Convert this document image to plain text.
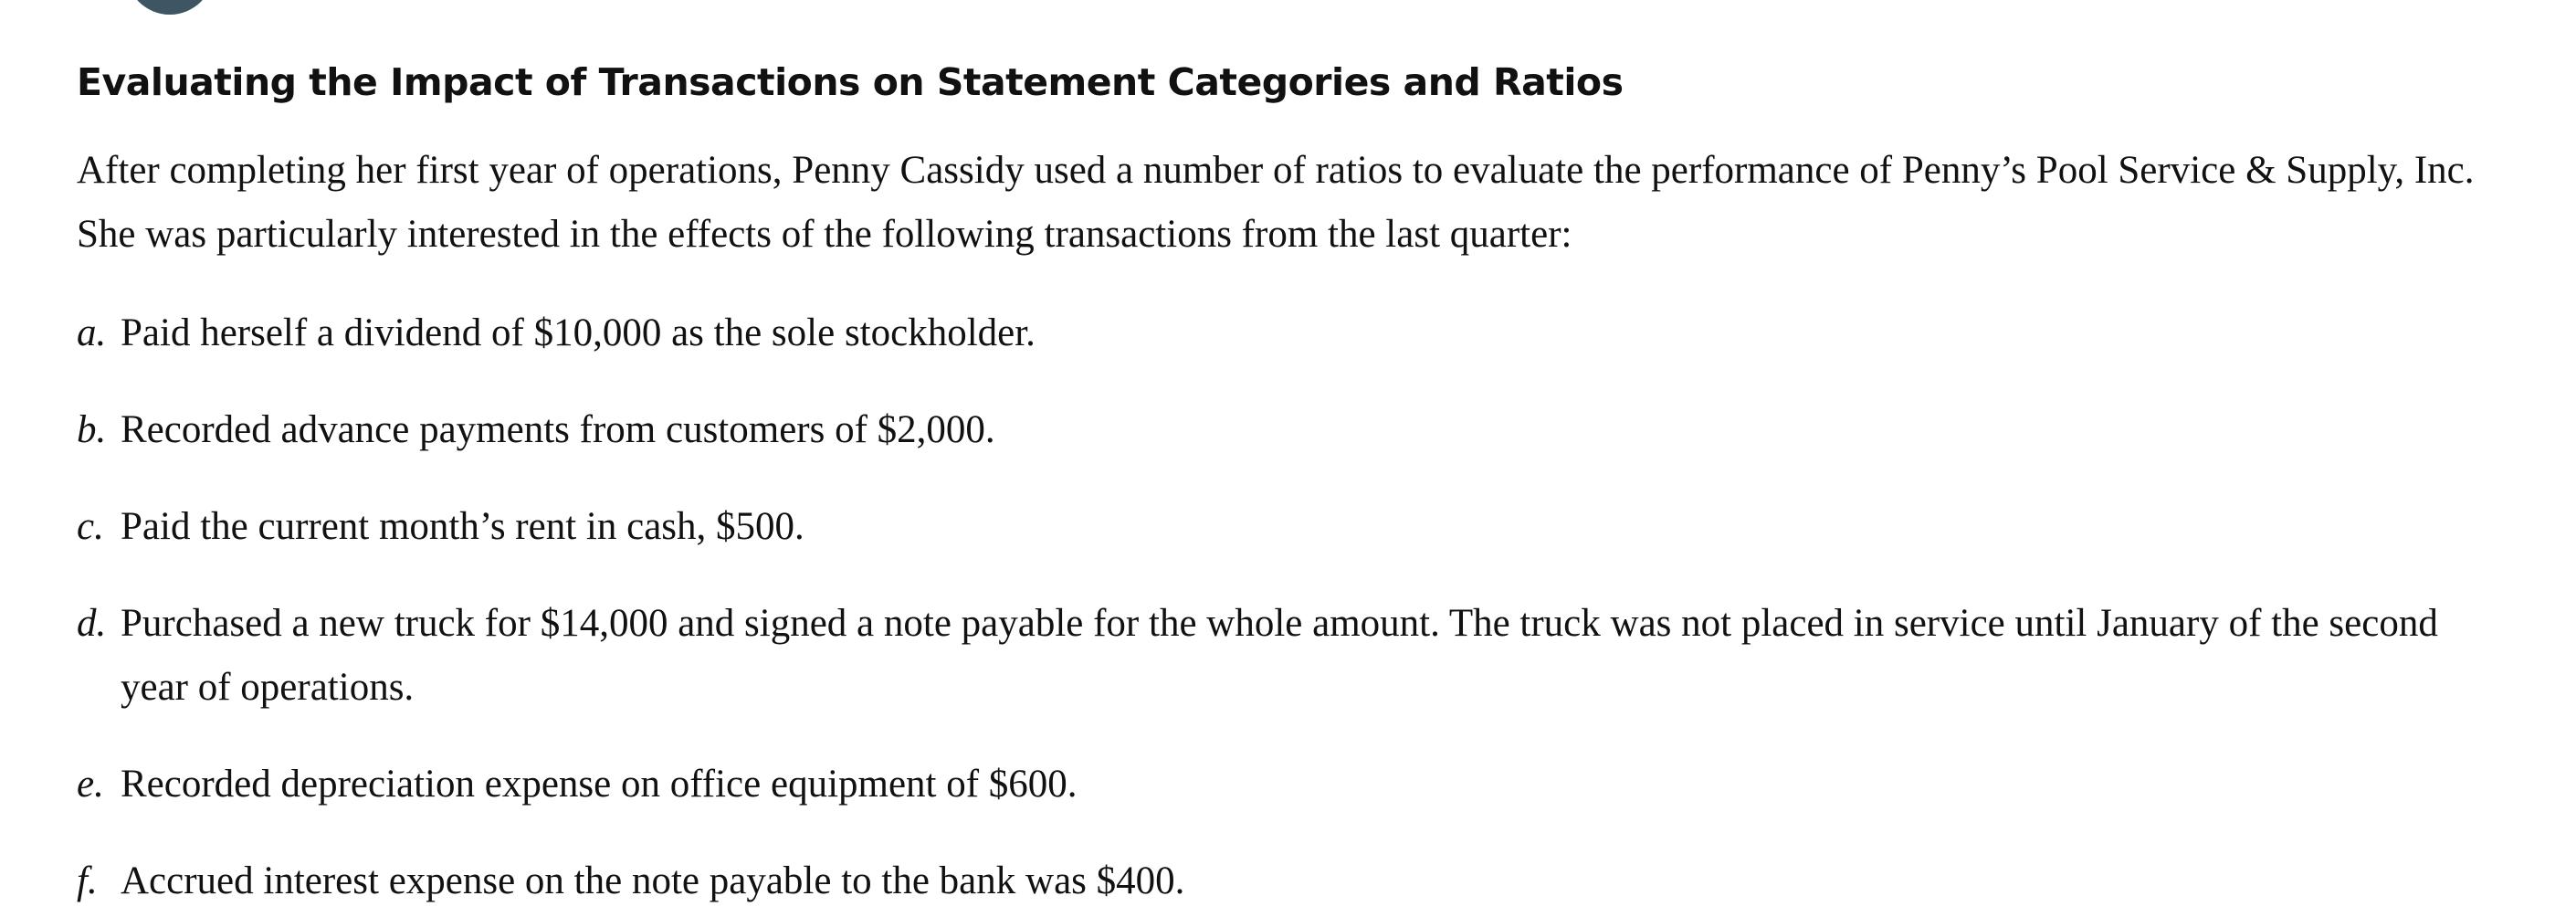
Evaluating the Impact of Transactions on Statement Categories and Ratios

After completing her first year of operations, Penny Cassidy used a number of ratios to evaluate the performance of Penny’s Pool Service & Supply, Inc. She was particularly interested in the effects of the following transactions from the last quarter:

a. Paid herself a dividend of $10,000 as the sole stockholder.
b. Recorded advance payments from customers of $2,000.
c. Paid the current month’s rent in cash, $500.
d. Purchased a new truck for $14,000 and signed a note payable for the whole amount. The truck was not placed in service until January of the second year of operations.
e. Recorded depreciation expense on office equipment of $600.
f. Accrued interest expense on the note payable to the bank was $400.
